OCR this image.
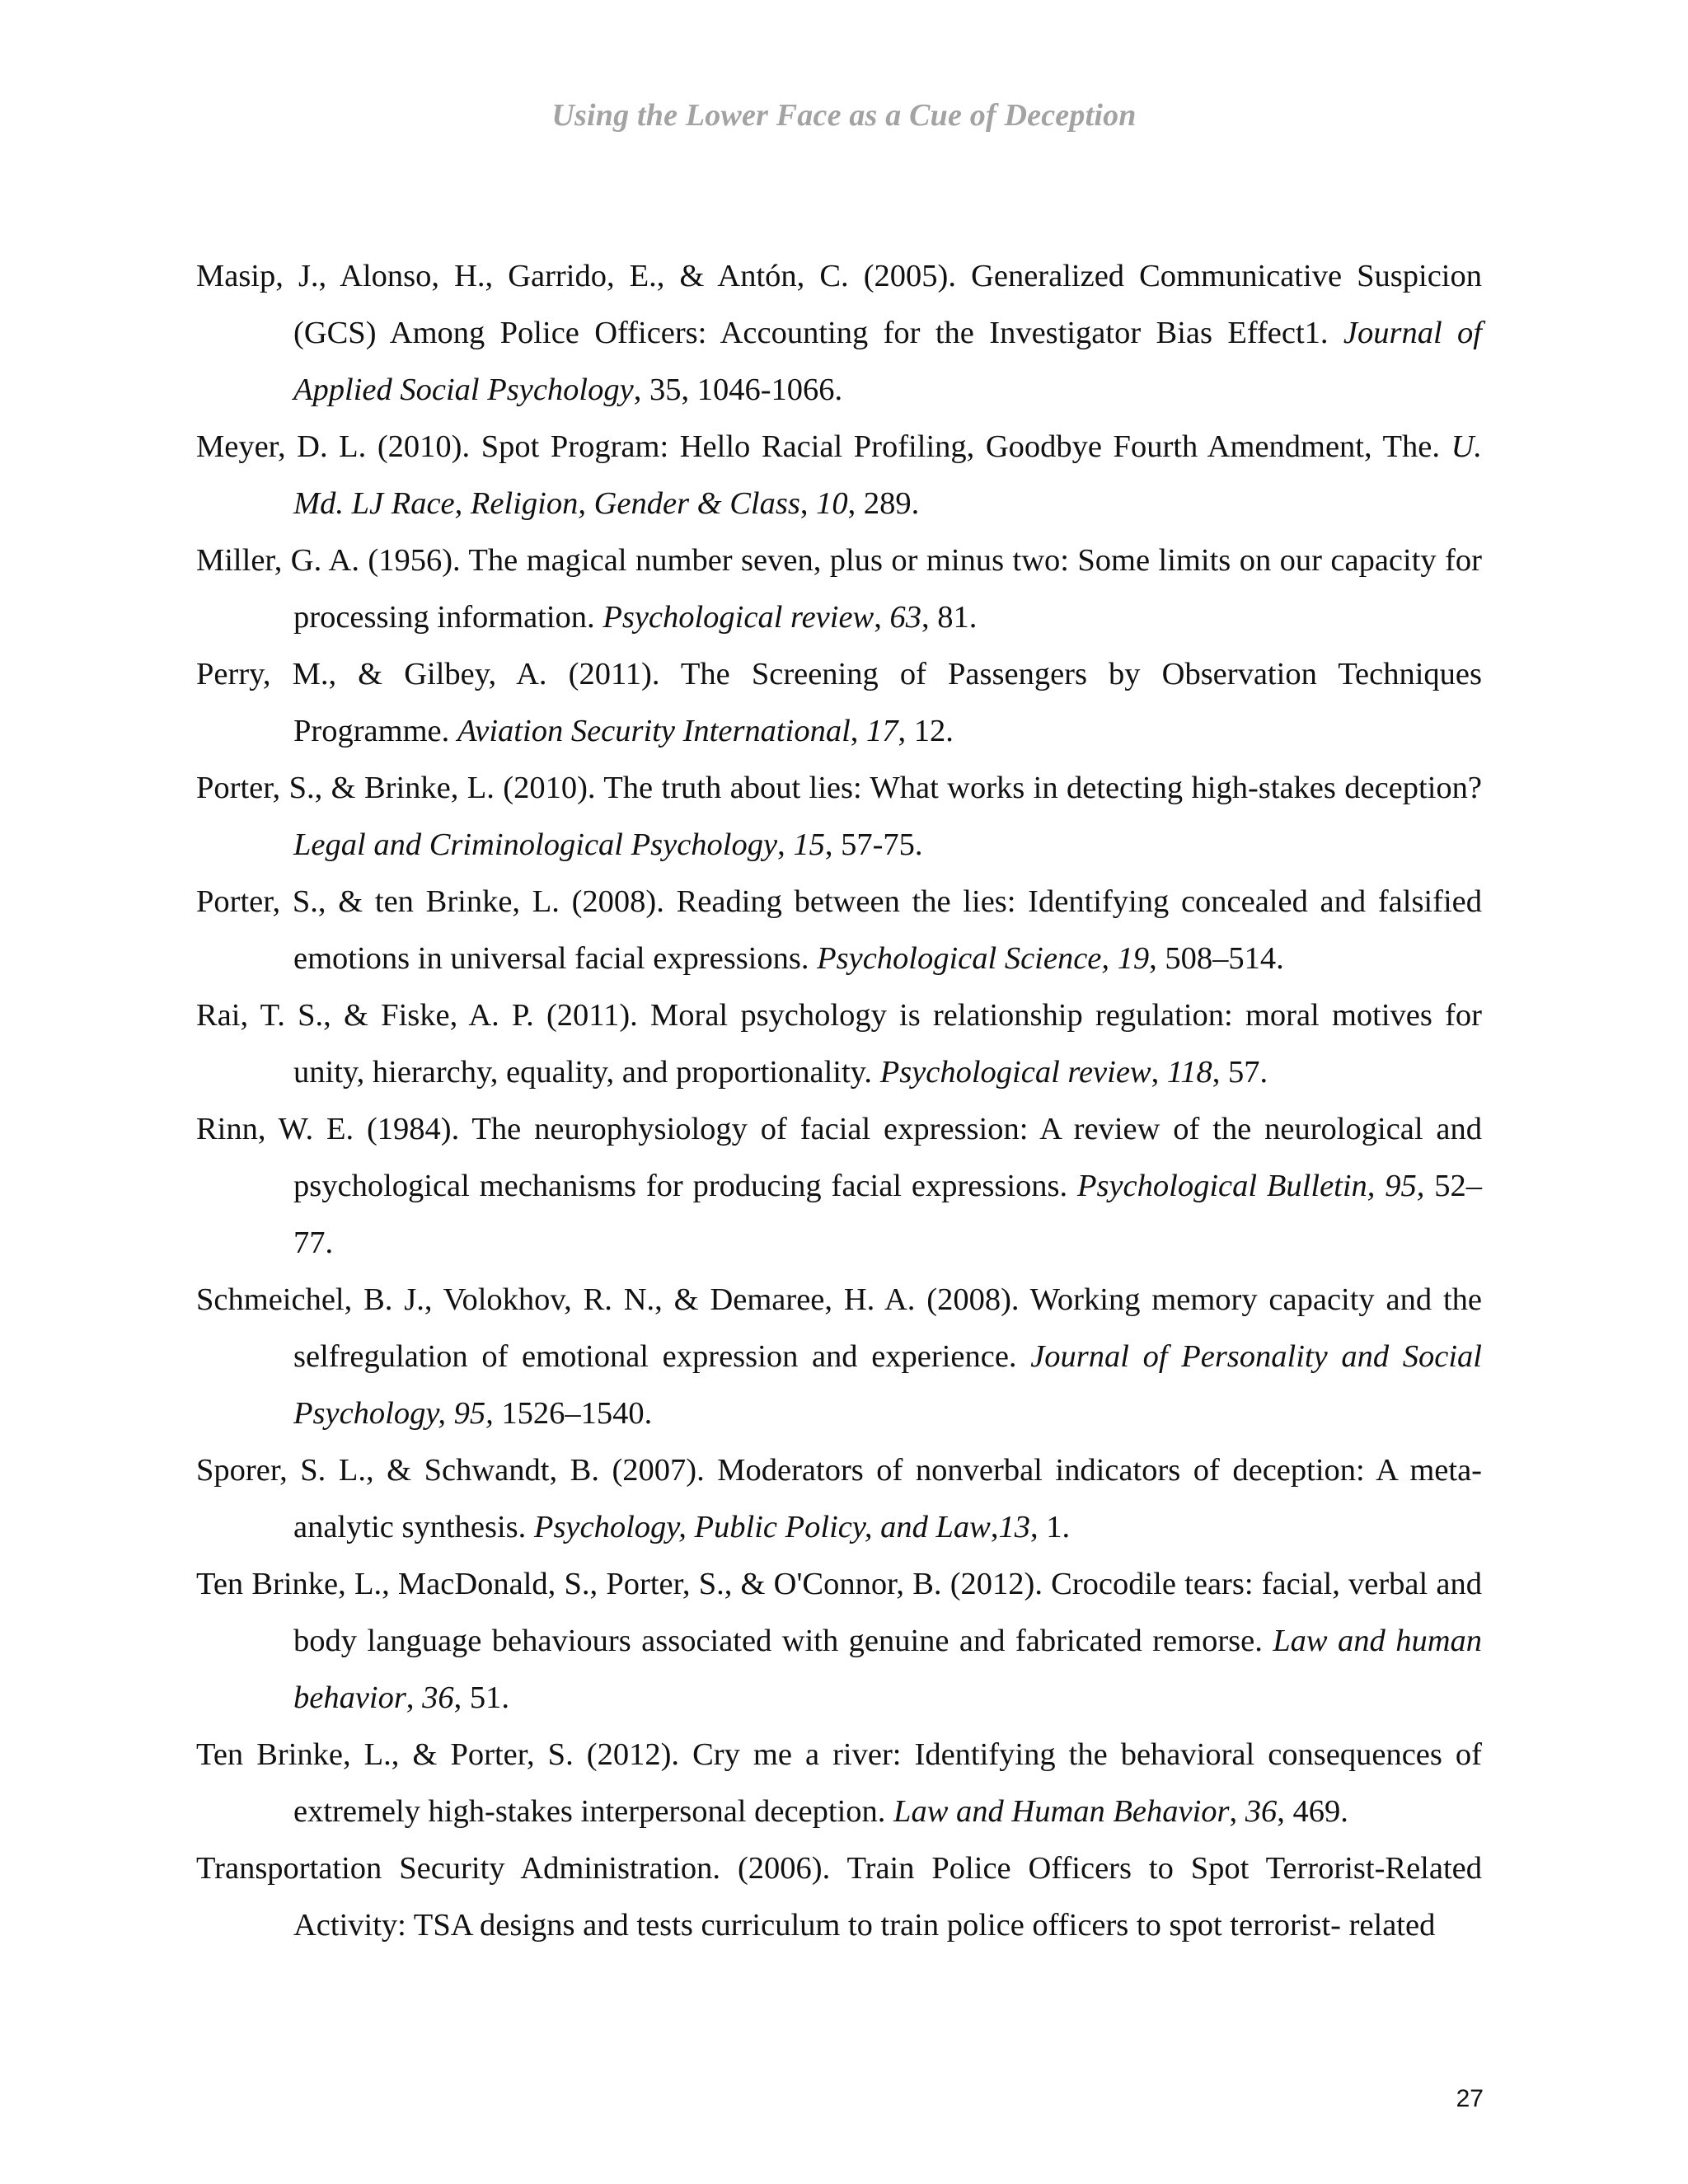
Using the Lower Face as a Cue of Deception

Masip, J., Alonso, H., Garrido, E., & Antón, C. (2005). Generalized Communicative Suspicion (GCS) Among Police Officers: Accounting for the Investigator Bias Effect1. Journal of Applied Social Psychology, 35, 1046-1066.

Meyer, D. L. (2010). Spot Program: Hello Racial Profiling, Goodbye Fourth Amendment, The. U. Md. LJ Race, Religion, Gender & Class, 10, 289.

Miller, G. A. (1956). The magical number seven, plus or minus two: Some limits on our capacity for processing information. Psychological review, 63, 81.

Perry, M., & Gilbey, A. (2011). The Screening of Passengers by Observation Techniques Programme. Aviation Security International, 17, 12.

Porter, S., & Brinke, L. (2010). The truth about lies: What works in detecting high-stakes deception? Legal and Criminological Psychology, 15, 57-75.

Porter, S., & ten Brinke, L. (2008). Reading between the lies: Identifying concealed and falsified emotions in universal facial expressions. Psychological Science, 19, 508–514.

Rai, T. S., & Fiske, A. P. (2011). Moral psychology is relationship regulation: moral motives for unity, hierarchy, equality, and proportionality. Psychological review, 118, 57.

Rinn, W. E. (1984). The neurophysiology of facial expression: A review of the neurological and psychological mechanisms for producing facial expressions. Psychological Bulletin, 95, 52–77.

Schmeichel, B. J., Volokhov, R. N., & Demaree, H. A. (2008). Working memory capacity and the selfregulation of emotional expression and experience. Journal of Personality and Social Psychology, 95, 1526–1540.

Sporer, S. L., & Schwandt, B. (2007). Moderators of nonverbal indicators of deception: A meta-analytic synthesis. Psychology, Public Policy, and Law,13, 1.

Ten Brinke, L., MacDonald, S., Porter, S., & O'Connor, B. (2012). Crocodile tears: facial, verbal and body language behaviours associated with genuine and fabricated remorse. Law and human behavior, 36, 51.

Ten Brinke, L., & Porter, S. (2012). Cry me a river: Identifying the behavioral consequences of extremely high-stakes interpersonal deception. Law and Human Behavior, 36, 469.

Transportation Security Administration. (2006). Train Police Officers to Spot Terrorist-Related Activity: TSA designs and tests curriculum to train police officers to spot terrorist- related

27
